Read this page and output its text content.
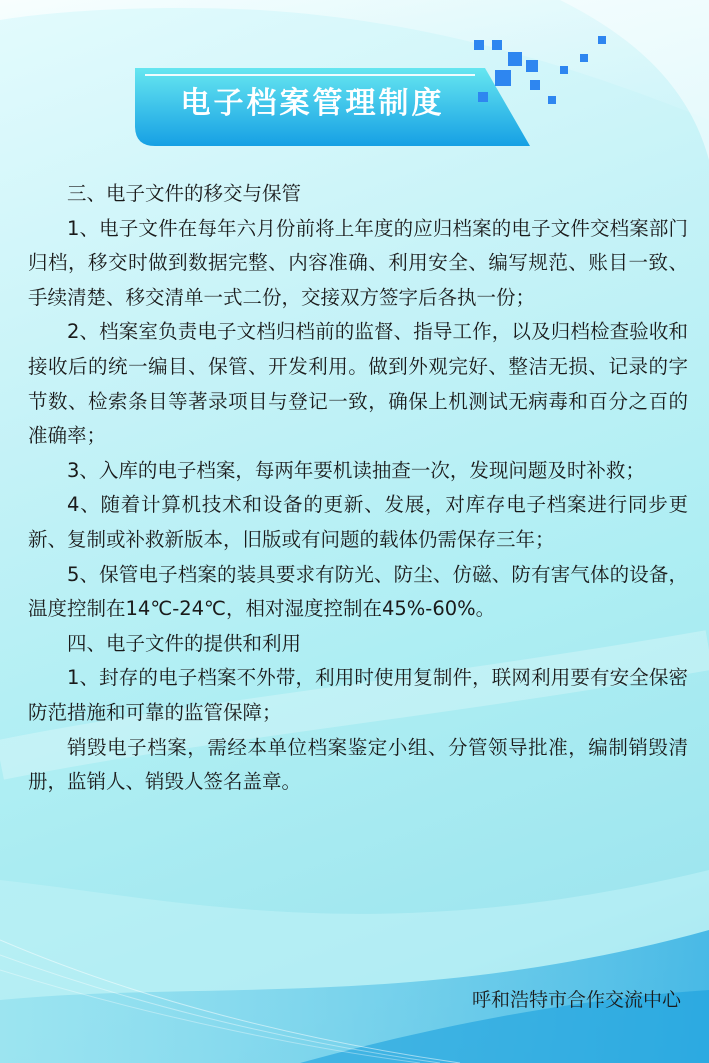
电子档案管理制度

三、电子文件的移交与保管

1、电子文件在每年六月份前将上年度的应归档案的电子文件交档案部门归档，移交时做到数据完整、内容准确、利用安全、编写规范、账目一致、手续清楚、移交清单一式二份，交接双方签字后各执一份；

2、档案室负责电子文档归档前的监督、指导工作，以及归档检查验收和接收后的统一编目、保管、开发利用。做到外观完好、整洁无损、记录的字节数、检索条目等著录项目与登记一致，确保上机测试无病毒和百分之百的准确率；

3、入库的电子档案，每两年要机读抽查一次，发现问题及时补救；

4、随着计算机技术和设备的更新、发展，对库存电子档案进行同步更新、复制或补救新版本，旧版或有问题的载体仍需保存三年；

5、保管电子档案的装具要求有防光、防尘、仿磁、防有害气体的设备，温度控制在14℃-24℃，相对湿度控制在45%-60%。

四、电子文件的提供和利用

1、封存的电子档案不外带，利用时使用复制件，联网利用要有安全保密防范措施和可靠的监管保障；

销毁电子档案，需经本单位档案鉴定小组、分管领导批准，编制销毁清册，监销人、销毁人签名盖章。

呼和浩特市合作交流中心
